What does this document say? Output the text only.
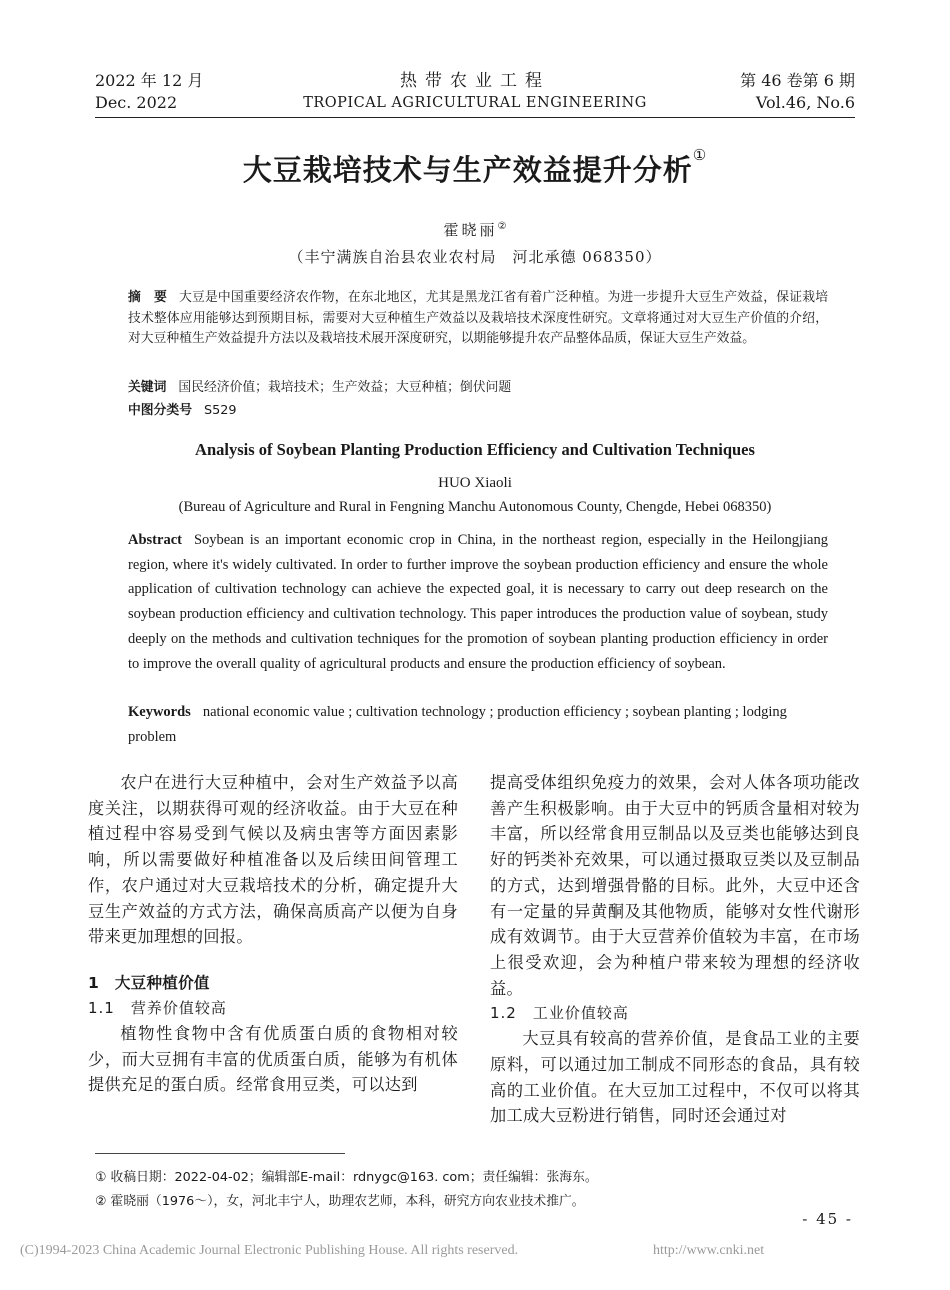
2022 年 12 月
Dec. 2022
热带农业工程
TROPICAL AGRICULTURAL ENGINEERING
第 46 卷第 6 期
Vol.46, No.6
大豆栽培技术与生产效益提升分析①
霍晓丽②
（丰宁满族自治县农业农村局　河北承德 068350）
摘　要 大豆是中国重要经济农作物，在东北地区，尤其是黑龙江省有着广泛种植。为进一步提升大豆生产效益，保证栽培技术整体应用能够达到预期目标，需要对大豆种植生产效益以及栽培技术深度性研究。文章将通过对大豆生产价值的介绍，对大豆种植生产效益提升方法以及栽培技术展开深度研究，以期能够提升农产品整体品质，保证大豆生产效益。
关键词 国民经济价值；栽培技术；生产效益；大豆种植；倒伏问题
中图分类号 S529
Analysis of Soybean Planting Production Efficiency and Cultivation Techniques
HUO Xiaoli
(Bureau of Agriculture and Rural in Fengning Manchu Autonomous County, Chengde, Hebei 068350)
Abstract Soybean is an important economic crop in China, in the northeast region, especially in the Heilongjiang region, where it's widely cultivated. In order to further improve the soybean production efficiency and ensure the whole application of cultivation technology can achieve the expected goal, it is necessary to carry out deep research on the soybean production efficiency and cultivation technology. This paper introduces the production value of soybean, study deeply on the methods and cultivation techniques for the promotion of soybean planting production efficiency in order to improve the overall quality of agricultural products and ensure the production efficiency of soybean.
Keywords national economic value ; cultivation technology ; production efficiency ; soybean planting ; lodging problem

农户在进行大豆种植中，会对生产效益予以高度关注，以期获得可观的经济收益。由于大豆在种植过程中容易受到气候以及病虫害等方面因素影响，所以需要做好种植准备以及后续田间管理工作，农户通过对大豆栽培技术的分析，确定提升大豆生产效益的方式方法，确保高质高产以便为自身带来更加理想的回报。

1　大豆种植价值
1.1　营养价值较高

植物性食物中含有优质蛋白质的食物相对较少，而大豆拥有丰富的优质蛋白质，能够为有机体提供充足的蛋白质。经常食用豆类，可以达到

提高受体组织免疫力的效果，会对人体各项功能改善产生积极影响。由于大豆中的钙质含量相对较为丰富，所以经常食用豆制品以及豆类也能够达到良好的钙类补充效果，可以通过摄取豆类以及豆制品的方式，达到增强骨骼的目标。此外，大豆中还含有一定量的异黄酮及其他物质，能够对女性代谢形成有效调节。由于大豆营养价值较为丰富，在市场上很受欢迎，会为种植户带来较为理想的经济收益。

1.2　工业价值较高

大豆具有较高的营养价值，是食品工业的主要原料，可以通过加工制成不同形态的食品，具有较高的工业价值。在大豆加工过程中，不仅可以将其加工成大豆粉进行销售，同时还会通过对

① 收稿日期：2022-04-02；编辑部E-mail：rdnygc@163. com；责任编辑：张海东。
② 霍晓丽（1976～），女，河北丰宁人，助理农艺师，本科，研究方向农业技术推广。
- 45 -
(C)1994-2023 China Academic Journal Electronic Publishing House. All rights reserved.	http://www.cnki.net
